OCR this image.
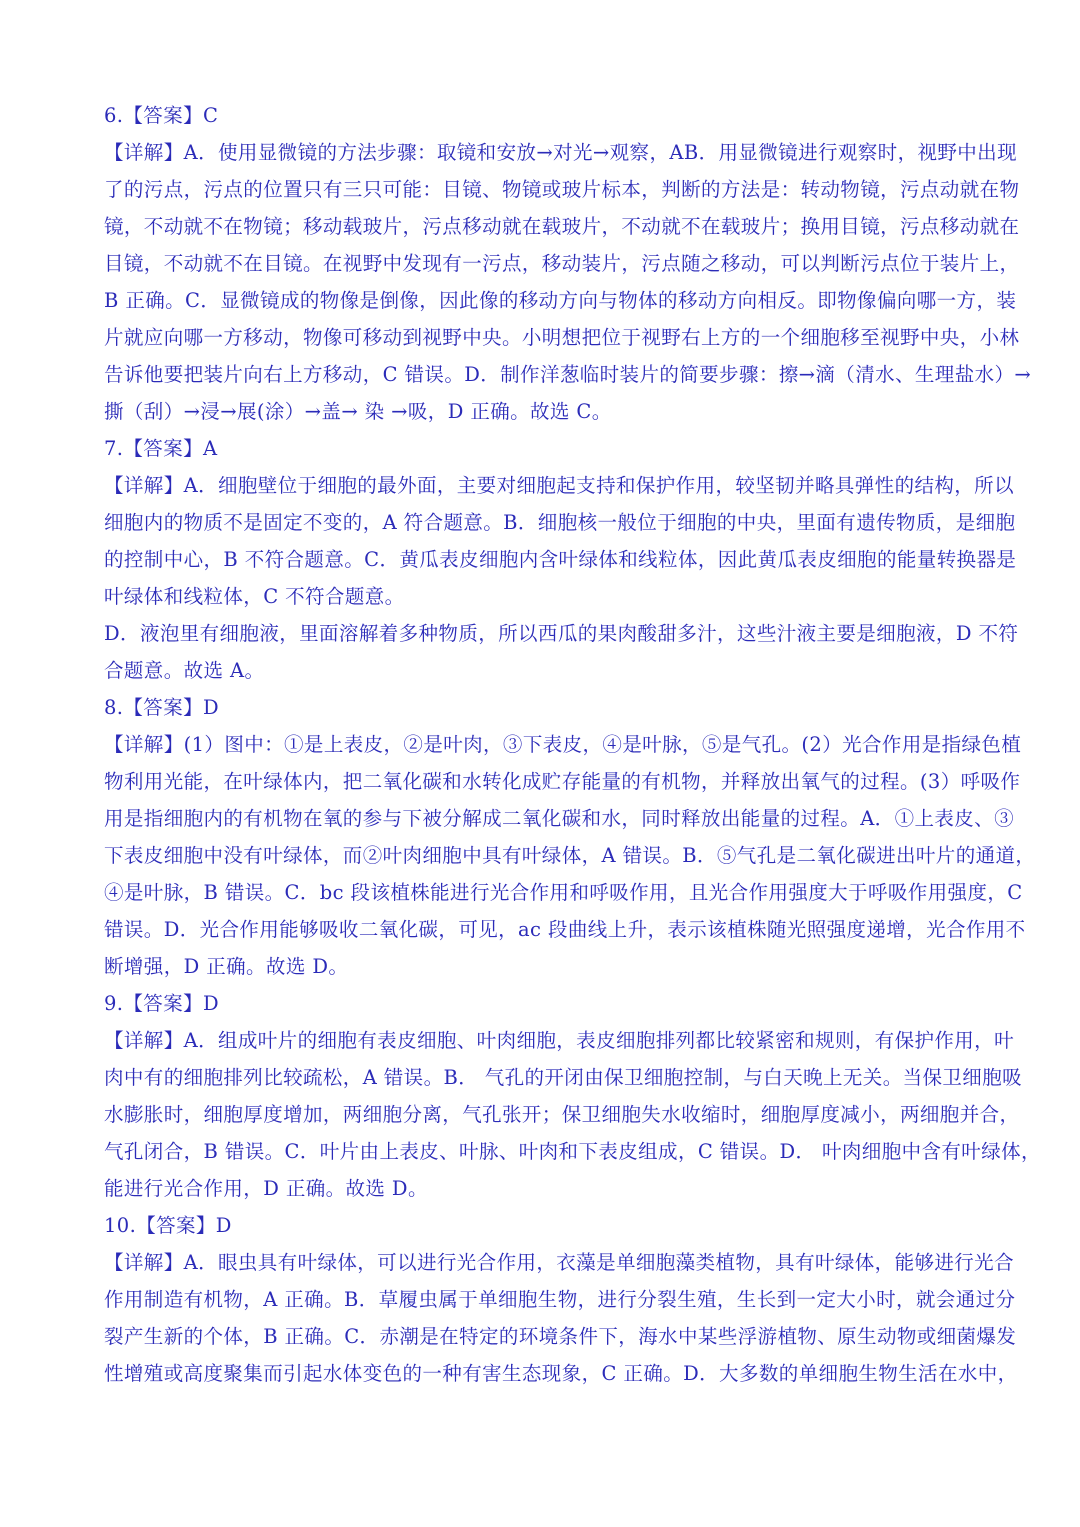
6.【答案】C
【详解】A．使用显微镜的方法步骤：取镜和安放→对光→观察，AB．用显微镜进行观察时，视野中出现
了的污点，污点的位置只有三只可能：目镜、物镜或玻片标本，判断的方法是：转动物镜，污点动就在物
镜，不动就不在物镜；移动载玻片，污点移动就在载玻片，不动就不在载玻片；换用目镜，污点移动就在
目镜，不动就不在目镜。在视野中发现有一污点，移动装片，污点随之移动，可以判断污点位于装片上，
B 正确。C．显微镜成的物像是倒像，因此像的移动方向与物体的移动方向相反。即物像偏向哪一方，装
片就应向哪一方移动，物像可移动到视野中央。小明想把位于视野右上方的一个细胞移至视野中央，小林
告诉他要把装片向右上方移动，C 错误。D．制作洋葱临时装片的简要步骤：擦→滴（清水、生理盐水）→
撕（刮）→浸→展(涂）→盖→ 染 →吸，D 正确。故选 C。
7.【答案】A
【详解】A．细胞壁位于细胞的最外面，主要对细胞起支持和保护作用，较坚韧并略具弹性的结构，所以
细胞内的物质不是固定不变的，A 符合题意。B．细胞核一般位于细胞的中央，里面有遗传物质，是细胞
的控制中心，B 不符合题意。C．黄瓜表皮细胞内含叶绿体和线粒体，因此黄瓜表皮细胞的能量转换器是
叶绿体和线粒体，C 不符合题意。
D．液泡里有细胞液，里面溶解着多种物质，所以西瓜的果肉酸甜多汁，这些汁液主要是细胞液，D 不符
合题意。故选 A。
8.【答案】D
【详解】(1）图中：①是上表皮，②是叶肉，③下表皮，④是叶脉，⑤是气孔。(2）光合作用是指绿色植
物利用光能，在叶绿体内，把二氧化碳和水转化成贮存能量的有机物，并释放出氧气的过程。(3）呼吸作
用是指细胞内的有机物在氧的参与下被分解成二氧化碳和水，同时释放出能量的过程。A．①上表皮、③
下表皮细胞中没有叶绿体，而②叶肉细胞中具有叶绿体，A 错误。B．⑤气孔是二氧化碳进出叶片的通道，
④是叶脉，B 错误。C．bc 段该植株能进行光合作用和呼吸作用，且光合作用强度大于呼吸作用强度，C
错误。D．光合作用能够吸收二氧化碳，可见，ac 段曲线上升，表示该植株随光照强度递增，光合作用不
断增强，D 正确。故选 D。
9.【答案】D
【详解】A．组成叶片的细胞有表皮细胞、叶肉细胞，表皮细胞排列都比较紧密和规则，有保护作用，叶
肉中有的细胞排列比较疏松，A 错误。B． 气孔的开闭由保卫细胞控制，与白天晚上无关。当保卫细胞吸
水膨胀时，细胞厚度增加，两细胞分离，气孔张开；保卫细胞失水收缩时，细胞厚度减小，两细胞并合，
气孔闭合，B 错误。C．叶片由上表皮、叶脉、叶肉和下表皮组成，C 错误。D． 叶肉细胞中含有叶绿体，
能进行光合作用，D 正确。故选 D。
10.【答案】D
【详解】A．眼虫具有叶绿体，可以进行光合作用，衣藻是单细胞藻类植物，具有叶绿体，能够进行光合
作用制造有机物，A 正确。B．草履虫属于单细胞生物，进行分裂生殖，生长到一定大小时，就会通过分
裂产生新的个体，B 正确。C．赤潮是在特定的环境条件下，海水中某些浮游植物、原生动物或细菌爆发
性增殖或高度聚集而引起水体变色的一种有害生态现象，C 正确。D．大多数的单细胞生物生活在水中，
